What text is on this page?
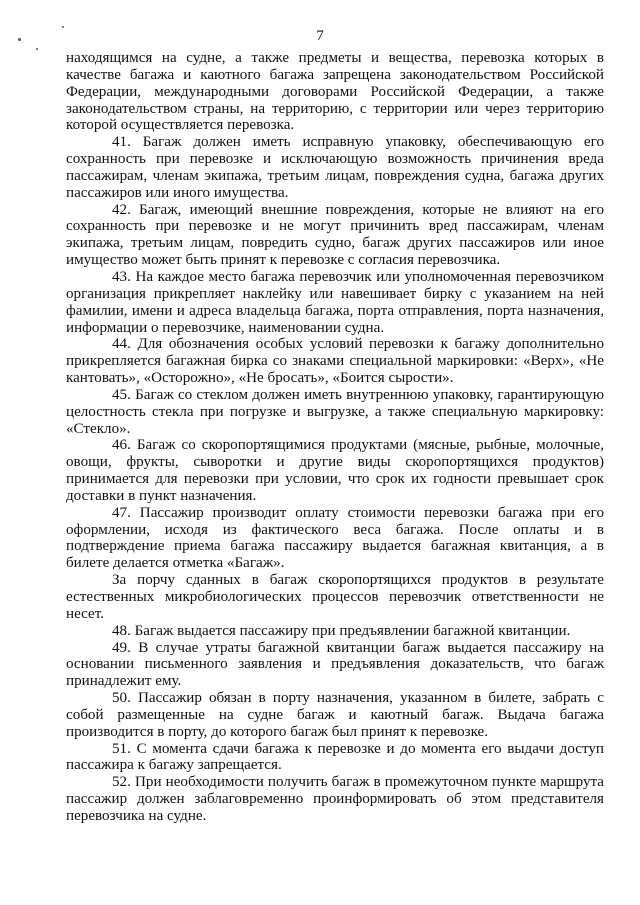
7

находящимся на судне, а также предметы и вещества, перевозка которых в качестве багажа и каютного багажа запрещена законодательством Российской Федерации, международными договорами Российской Федерации, а также законодательством страны, на территорию, с территории или через территорию которой осуществляется перевозка.

41. Багаж должен иметь исправную упаковку, обеспечивающую его сохранность при перевозке и исключающую возможность причинения вреда пассажирам, членам экипажа, третьим лицам, повреждения судна, багажа других пассажиров или иного имущества.

42. Багаж, имеющий внешние повреждения, которые не влияют на его сохранность при перевозке и не могут причинить вред пассажирам, членам экипажа, третьим лицам, повредить судно, багаж других пассажиров или иное имущество может быть принят к перевозке с согласия перевозчика.

43. На каждое место багажа перевозчик или уполномоченная перевозчиком организация прикрепляет наклейку или навешивает бирку с указанием на ней фамилии, имени и адреса владельца багажа, порта отправления, порта назначения, информации о перевозчике, наименовании судна.

44. Для обозначения особых условий перевозки к багажу дополнительно прикрепляется багажная бирка со знаками специальной маркировки: «Верх», «Не кантовать», «Осторожно», «Не бросать», «Боится сырости».

45. Багаж со стеклом должен иметь внутреннюю упаковку, гарантирующую целостность стекла при погрузке и выгрузке, а также специальную маркировку: «Стекло».

46. Багаж со скоропортящимися продуктами (мясные, рыбные, молочные, овощи, фрукты, сыворотки и другие виды скоропортящихся продуктов) принимается для перевозки при условии, что срок их годности превышает срок доставки в пункт назначения.

47. Пассажир производит оплату стоимости перевозки багажа при его оформлении, исходя из фактического веса багажа. После оплаты и в подтверждение приема багажа пассажиру выдается багажная квитанция, а в билете делается отметка «Багаж».

За порчу сданных в багаж скоропортящихся продуктов в результате естественных микробиологических процессов перевозчик ответственности не несет.

48. Багаж выдается пассажиру при предъявлении багажной квитанции.

49. В случае утраты багажной квитанции багаж выдается пассажиру на основании письменного заявления и предъявления доказательств, что багаж принадлежит ему.

50. Пассажир обязан в порту назначения, указанном в билете, забрать с собой размещенные на судне багаж и каютный багаж. Выдача багажа производится в порту, до которого багаж был принят к перевозке.

51. С момента сдачи багажа к перевозке и до момента его выдачи доступ пассажира к багажу запрещается.

52. При необходимости получить багаж в промежуточном пункте маршрута пассажир должен заблаговременно проинформировать об этом представителя перевозчика на судне.
